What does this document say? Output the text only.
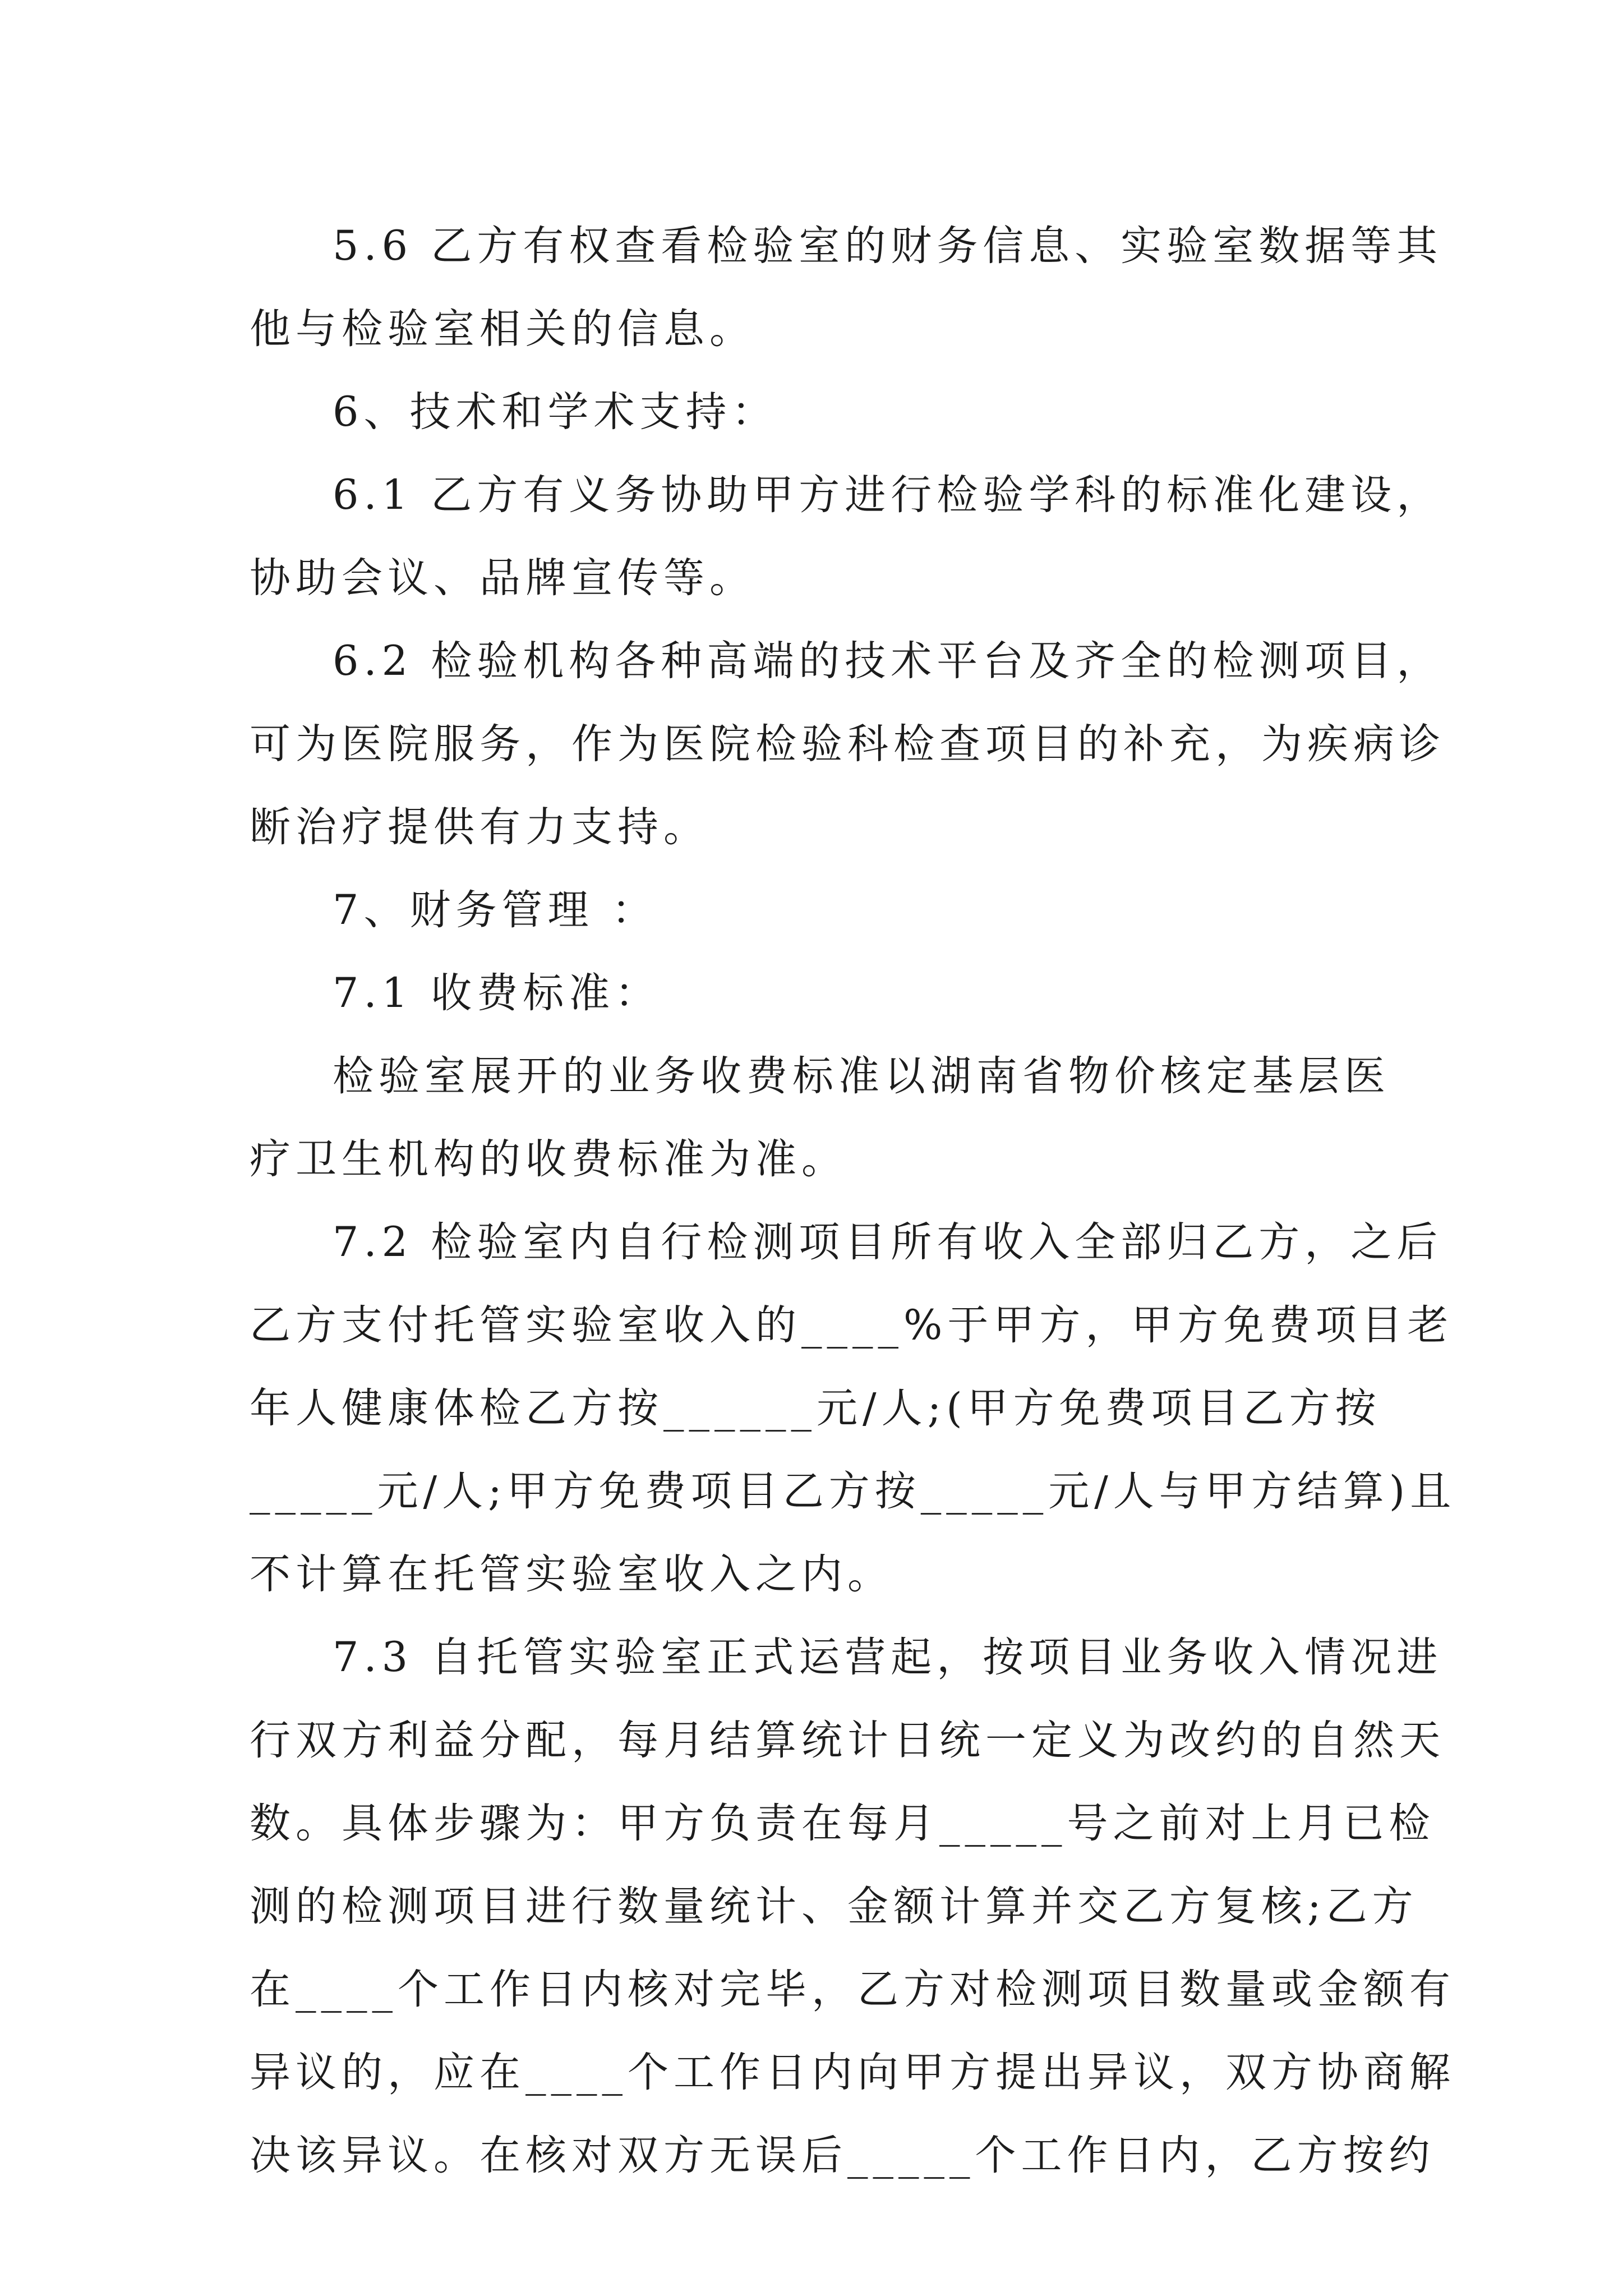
5.6 乙方有权查看检验室的财务信息、实验室数据等其
他与检验室相关的信息。
6、技术和学术支持：
6.1 乙方有义务协助甲方进行检验学科的标准化建设，
协助会议、品牌宣传等。
6.2 检验机构各种高端的技术平台及齐全的检测项目，
可为医院服务，作为医院检验科检查项目的补充，为疾病诊
断治疗提供有力支持。
7、财务管理 ：
7.1 收费标准：
检验室展开的业务收费标准以湖南省物价核定基层医
疗卫生机构的收费标准为准。
7.2 检验室内自行检测项目所有收入全部归乙方，之后
乙方支付托管实验室收入的____%于甲方，甲方免费项目老
年人健康体检乙方按______元/人;(甲方免费项目乙方按
_____元/人;甲方免费项目乙方按_____元/人与甲方结算)且
不计算在托管实验室收入之内。
7.3 自托管实验室正式运营起，按项目业务收入情况进
行双方利益分配，每月结算统计日统一定义为改约的自然天
数。具体步骤为：甲方负责在每月_____号之前对上月已检
测的检测项目进行数量统计、金额计算并交乙方复核;乙方
在____个工作日内核对完毕，乙方对检测项目数量或金额有
异议的，应在____个工作日内向甲方提出异议，双方协商解
决该异议。在核对双方无误后_____个工作日内，乙方按约
